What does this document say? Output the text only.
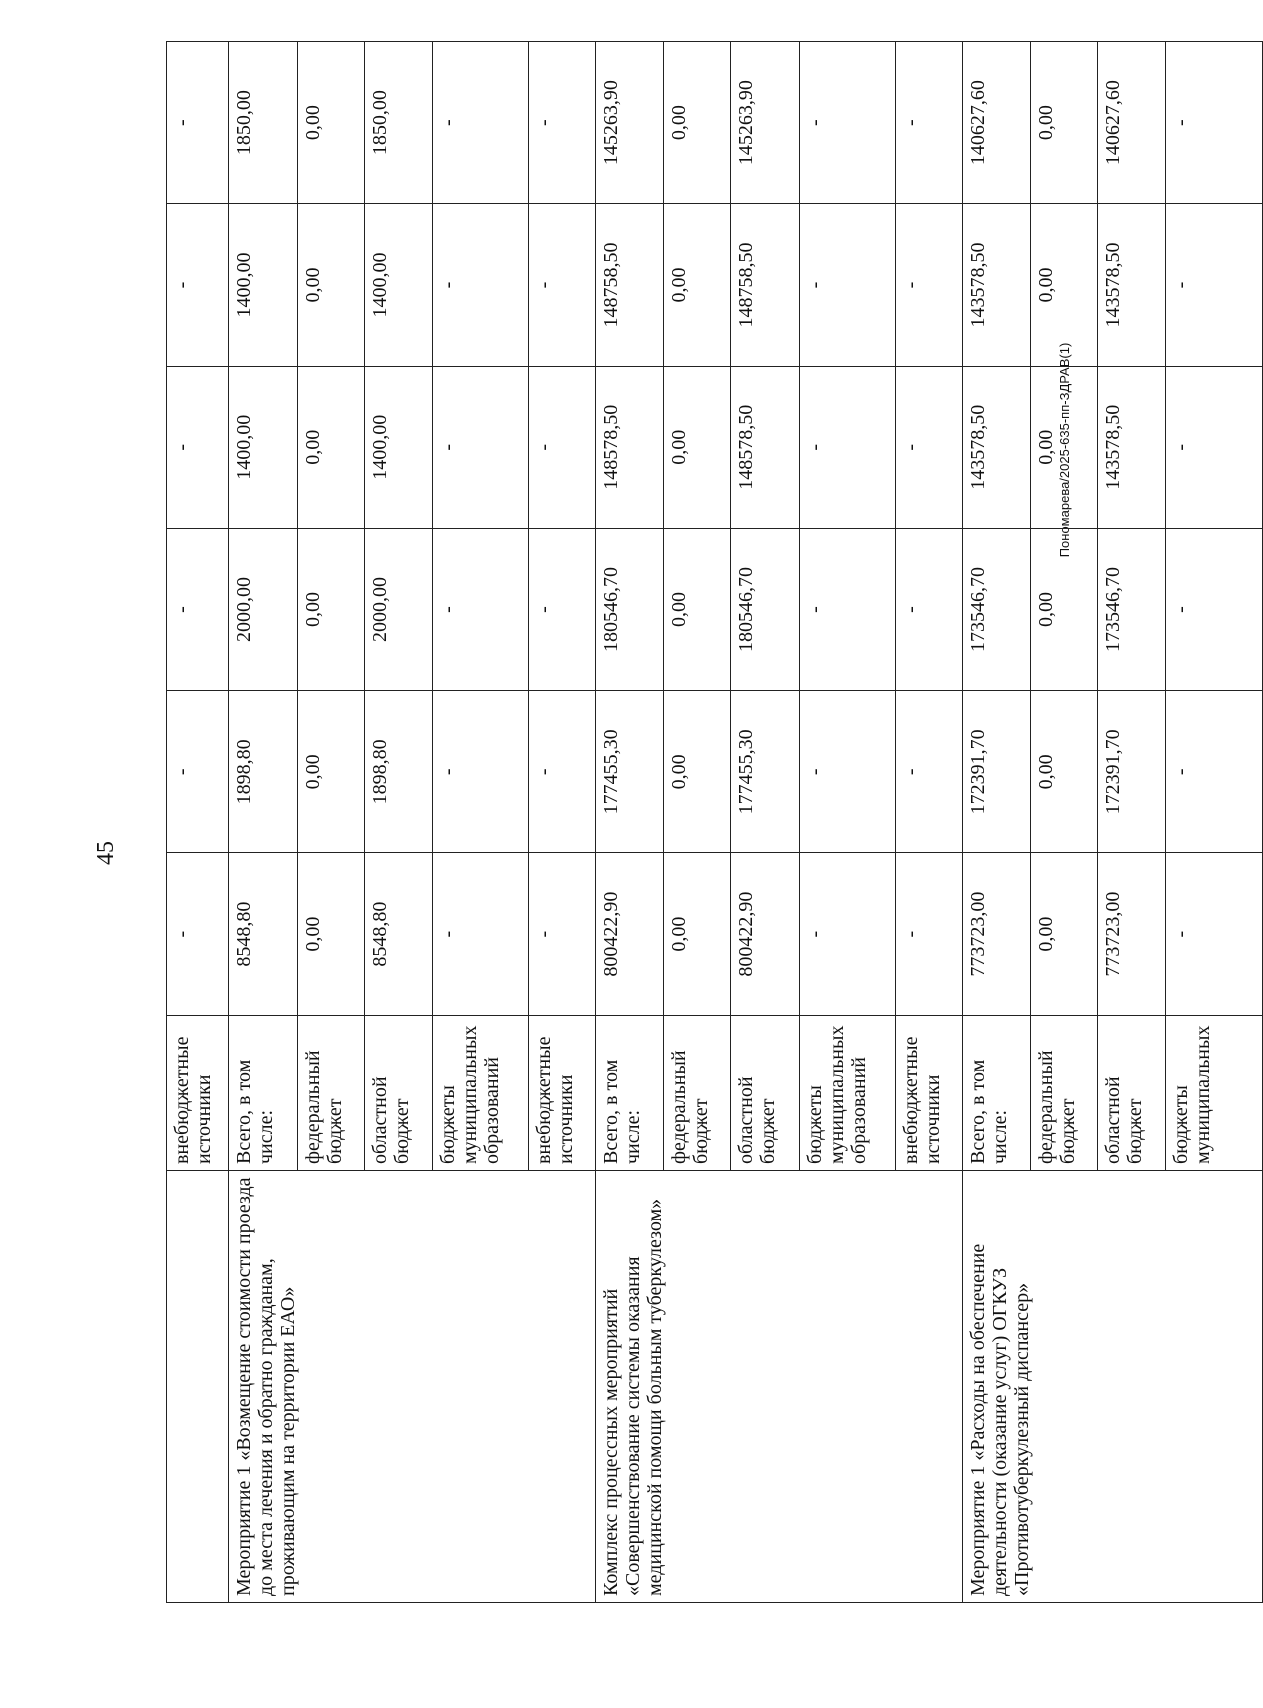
45
Пономарева/2025-635-пп-ЗДРАВ(1)
	внебюджетные источники	-	-	-	-	-	-
Мероприятие 1 «Возмещение стоимости проезда до места лечения и обратно гражданам, проживающим на территории ЕАО»	Всего, в том числе:	8548,80	1898,80	2000,00	1400,00	1400,00	1850,00
	федеральный бюджет	0,00	0,00	0,00	0,00	0,00	0,00
	областной бюджет	8548,80	1898,80	2000,00	1400,00	1400,00	1850,00
	бюджеты муниципальных образований	-	-	-	-	-	-
	внебюджетные источники	-	-	-	-	-	-
Комплекс процессных мероприятий «Совершенствование системы оказания медицинской помощи больным туберкулезом»	Всего, в том числе:	800422,90	177455,30	180546,70	148578,50	148758,50	145263,90
	федеральный бюджет	0,00	0,00	0,00	0,00	0,00	0,00
	областной бюджет	800422,90	177455,30	180546,70	148578,50	148758,50	145263,90
	бюджеты муниципальных образований	-	-	-	-	-	-
	внебюджетные источники	-	-	-	-	-	-
Мероприятие 1 «Расходы на обеспечение деятельности (оказание услуг) ОГКУЗ «Противотуберкулезный диспансер»	Всего, в том числе:	773723,00	172391,70	173546,70	143578,50	143578,50	140627,60
	федеральный бюджет	0,00	0,00	0,00	0,00	0,00	0,00
	областной бюджет	773723,00	172391,70	173546,70	143578,50	143578,50	140627,60
	бюджеты муниципальных	-	-	-	-	-	-
